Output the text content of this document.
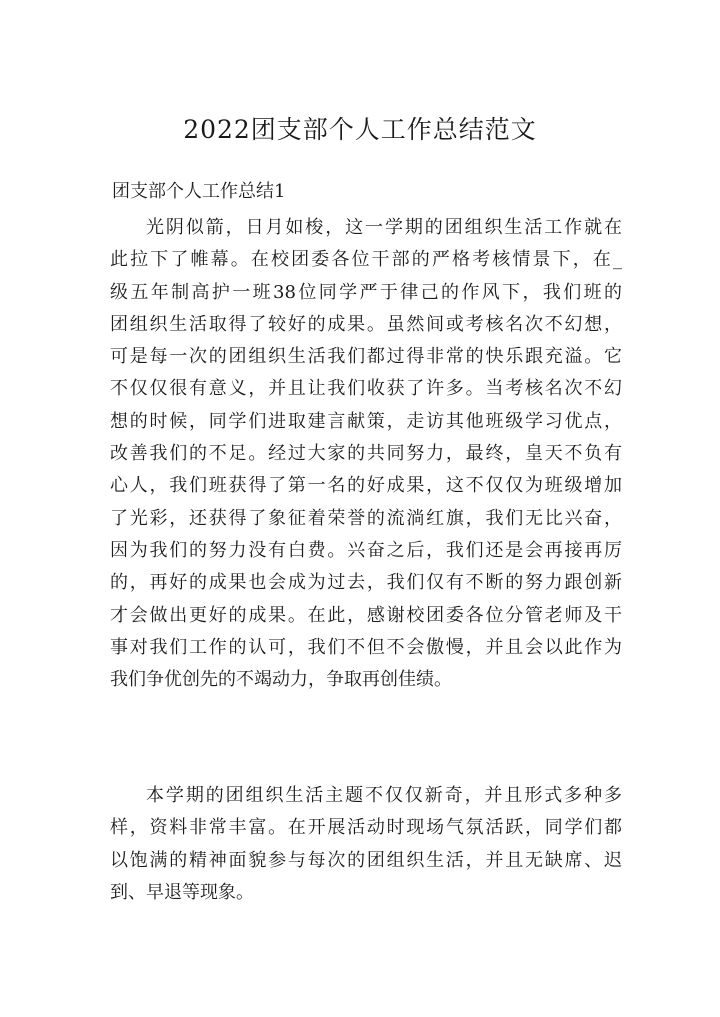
2022团支部个人工作总结范文
团支部个人工作总结1
光阴似箭，日月如梭，这一学期的团组织生活工作就在
此拉下了帷幕。在校团委各位干部的严格考核情景下，在_
级五年制高护一班38位同学严于律己的作风下，我们班的
团组织生活取得了较好的成果。虽然间或考核名次不幻想，
可是每一次的团组织生活我们都过得非常的快乐跟充溢。它
不仅仅很有意义，并且让我们收获了许多。当考核名次不幻
想的时候，同学们进取建言献策，走访其他班级学习优点，
改善我们的不足。经过大家的共同努力，最终，皇天不负有
心人，我们班获得了第一名的好成果，这不仅仅为班级增加
了光彩，还获得了象征着荣誉的流淌红旗，我们无比兴奋，
因为我们的努力没有白费。兴奋之后，我们还是会再接再厉
的，再好的成果也会成为过去，我们仅有不断的努力跟创新
才会做出更好的成果。在此，感谢校团委各位分管老师及干
事对我们工作的认可，我们不但不会傲慢，并且会以此作为
我们争优创先的不竭动力，争取再创佳绩。
本学期的团组织生活主题不仅仅新奇，并且形式多种多
样，资料非常丰富。在开展活动时现场气氛活跃，同学们都
以饱满的精神面貌参与每次的团组织生活，并且无缺席、迟
到、早退等现象。
